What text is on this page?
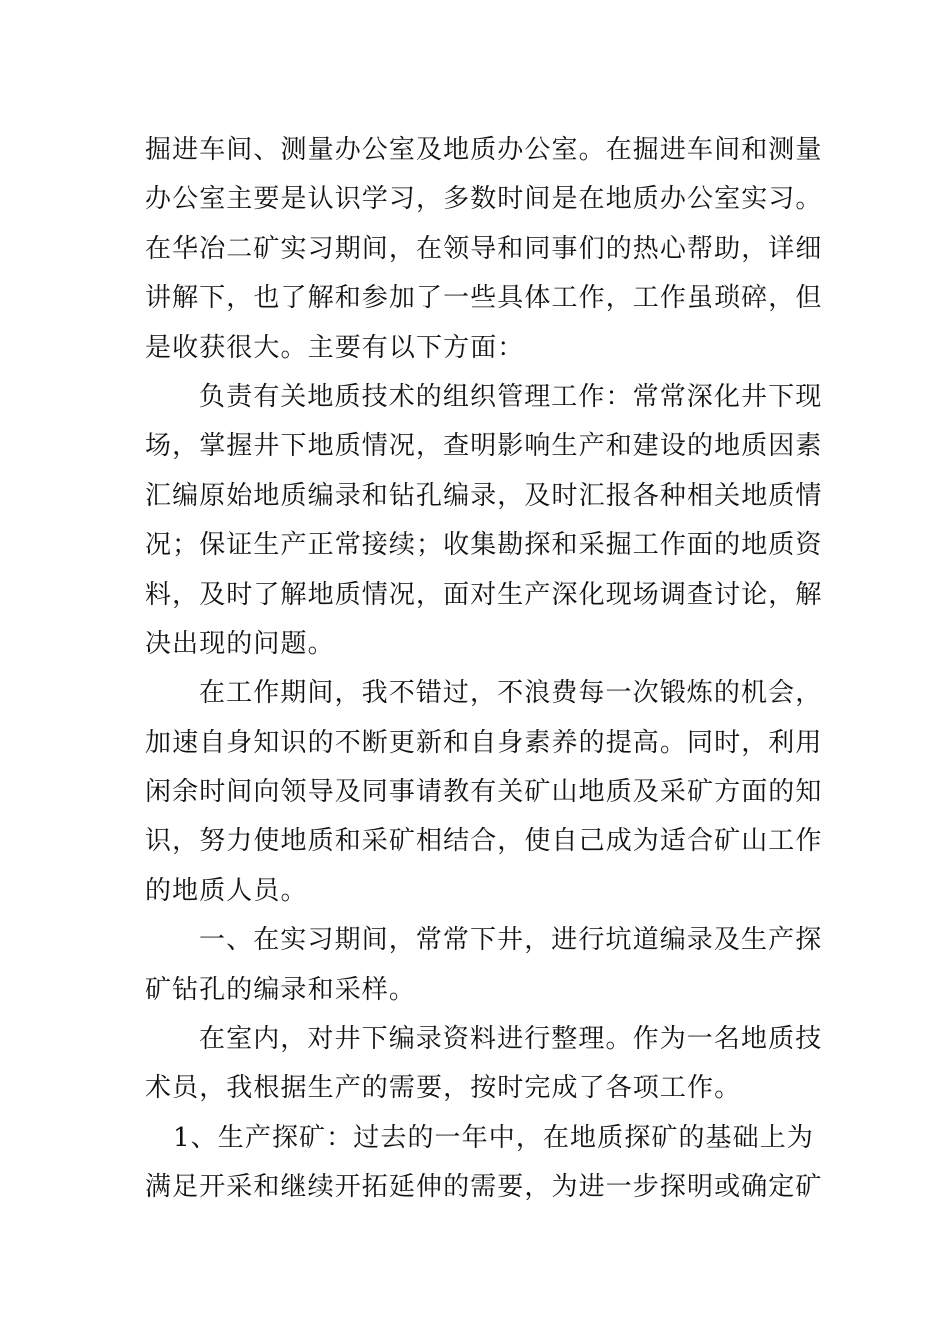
掘进车间、测量办公室及地质办公室。在掘进车间和测量
办公室主要是认识学习，多数时间是在地质办公室实习。
在华冶二矿实习期间，在领导和同事们的热心帮助，详细
讲解下，也了解和参加了一些具体工作，工作虽琐碎，但
是收获很大。主要有以下方面：
负责有关地质技术的组织管理工作：常常深化井下现
场，掌握井下地质情况，查明影响生产和建设的地质因素
汇编原始地质编录和钻孔编录，及时汇报各种相关地质情
况；保证生产正常接续；收集勘探和采掘工作面的地质资
料，及时了解地质情况，面对生产深化现场调查讨论，解
决出现的问题。
在工作期间，我不错过，不浪费每一次锻炼的机会，
加速自身知识的不断更新和自身素养的提高。同时，利用
闲余时间向领导及同事请教有关矿山地质及采矿方面的知
识，努力使地质和采矿相结合，使自己成为适合矿山工作
的地质人员。
一、在实习期间，常常下井，进行坑道编录及生产探
矿钻孔的编录和采样。
在室内，对井下编录资料进行整理。作为一名地质技
术员，我根据生产的需要，按时完成了各项工作。
1、生产探矿：过去的一年中，在地质探矿的基础上为
满足开采和继续开拓延伸的需要，为进一步探明或确定矿
